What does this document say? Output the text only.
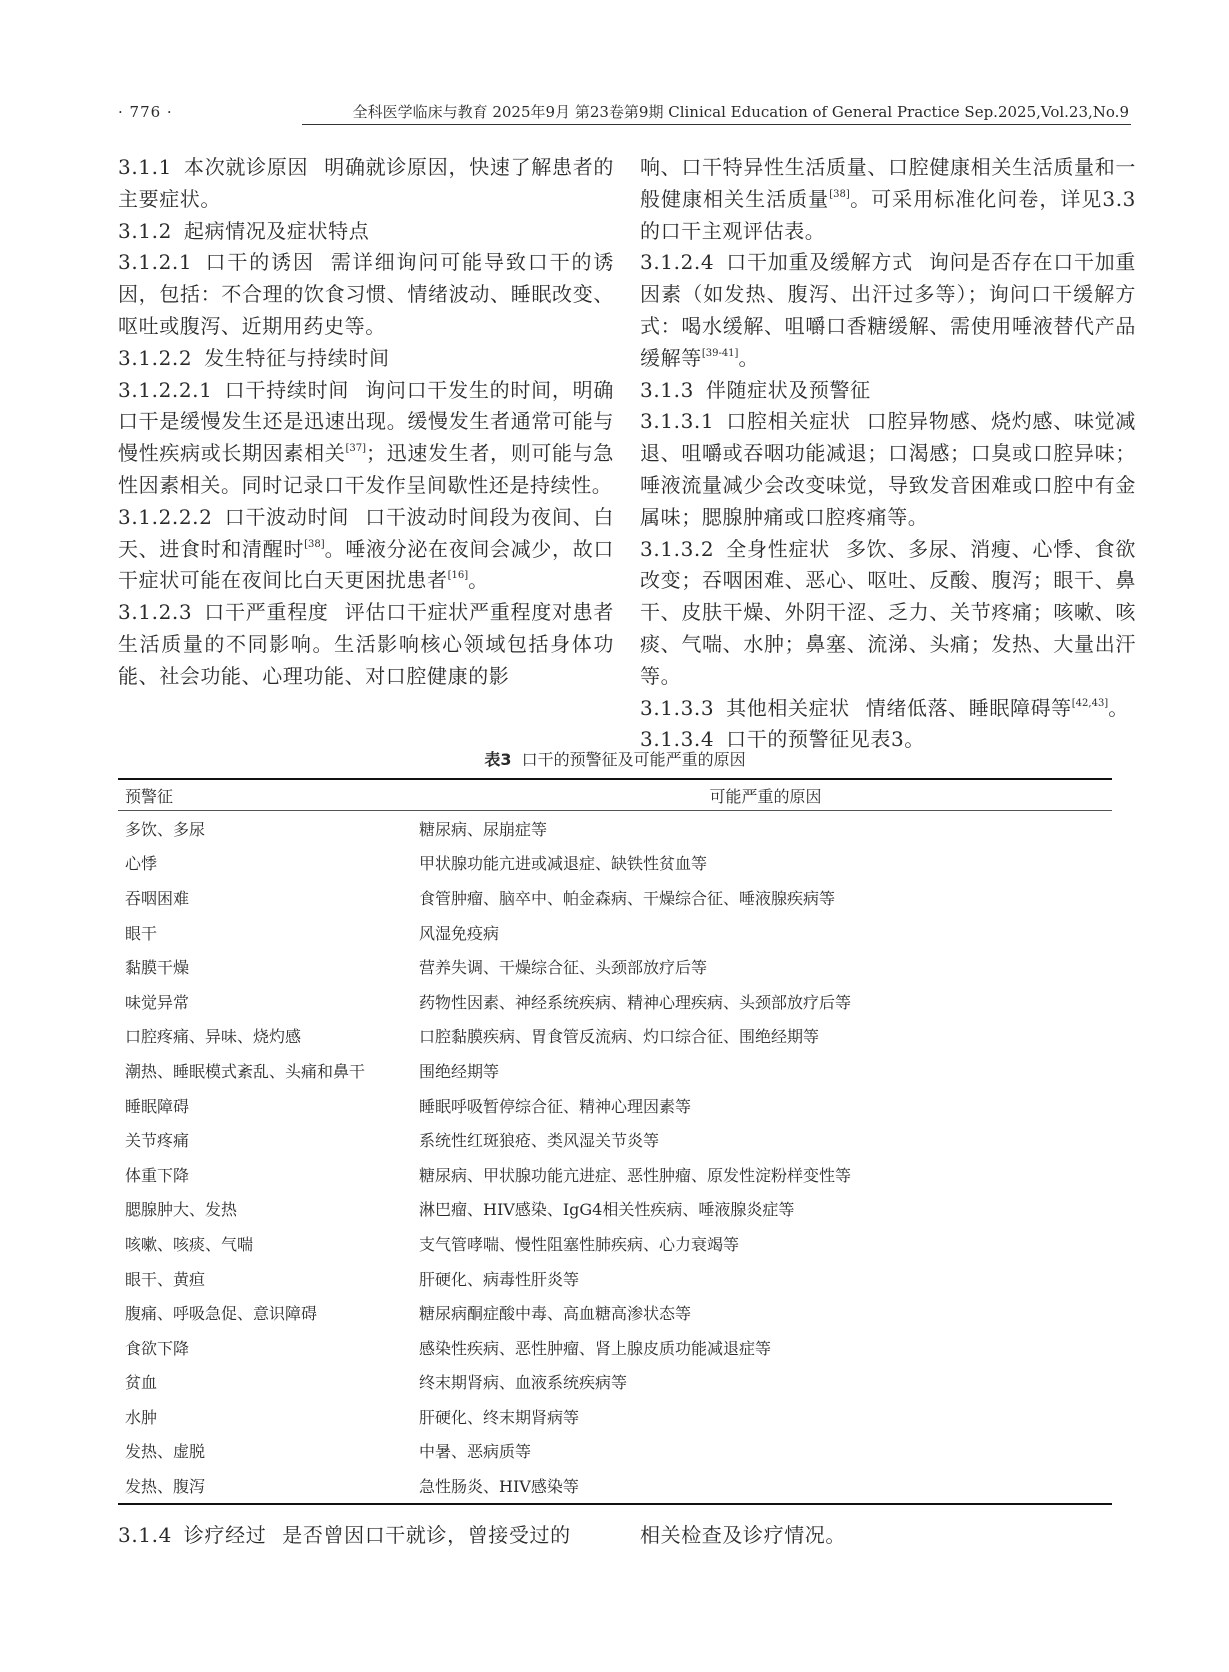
· 776 ·	全科医学临床与教育 2025年9月 第23卷第9期 Clinical Education of General Practice Sep.2025,Vol.23,No.9

3.1.1 本次就诊原因 明确就诊原因，快速了解患者的主要症状。

3.1.2 起病情况及症状特点

3.1.2.1 口干的诱因 需详细询问可能导致口干的诱因，包括：不合理的饮食习惯、情绪波动、睡眠改变、呕吐或腹泻、近期用药史等。

3.1.2.2 发生特征与持续时间

3.1.2.2.1 口干持续时间 询问口干发生的时间，明确口干是缓慢发生还是迅速出现。缓慢发生者通常可能与慢性疾病或长期因素相关[37]；迅速发生者，则可能与急性因素相关。同时记录口干发作呈间歇性还是持续性。

3.1.2.2.2 口干波动时间 口干波动时间段为夜间、白天、进食时和清醒时[38]。唾液分泌在夜间会减少，故口干症状可能在夜间比白天更困扰患者[16]。

3.1.2.3 口干严重程度 评估口干症状严重程度对患者生活质量的不同影响。生活影响核心领域包括身体功能、社会功能、心理功能、对口腔健康的影

响、口干特异性生活质量、口腔健康相关生活质量和一般健康相关生活质量[38]。可采用标准化问卷，详见3.3的口干主观评估表。

3.1.2.4 口干加重及缓解方式 询问是否存在口干加重因素（如发热、腹泻、出汗过多等）；询问口干缓解方式：喝水缓解、咀嚼口香糖缓解、需使用唾液替代产品缓解等[39-41]。

3.1.3 伴随症状及预警征

3.1.3.1 口腔相关症状 口腔异物感、烧灼感、味觉减退、咀嚼或吞咽功能减退；口渴感；口臭或口腔异味；唾液流量减少会改变味觉，导致发音困难或口腔中有金属味；腮腺肿痛或口腔疼痛等。

3.1.3.2 全身性症状 多饮、多尿、消瘦、心悸、食欲改变；吞咽困难、恶心、呕吐、反酸、腹泻；眼干、鼻干、皮肤干燥、外阴干涩、乏力、关节疼痛；咳嗽、咳痰、气喘、水肿；鼻塞、流涕、头痛；发热、大量出汗等。

3.1.3.3 其他相关症状 情绪低落、睡眠障碍等[42,43]。

3.1.3.4 口干的预警征见表3。

表3 口干的预警征及可能严重的原因
预警征	可能严重的原因
多饮、多尿	糖尿病、尿崩症等
心悸	甲状腺功能亢进或减退症、缺铁性贫血等
吞咽困难	食管肿瘤、脑卒中、帕金森病、干燥综合征、唾液腺疾病等
眼干	风湿免疫病
黏膜干燥	营养失调、干燥综合征、头颈部放疗后等
味觉异常	药物性因素、神经系统疾病、精神心理疾病、头颈部放疗后等
口腔疼痛、异味、烧灼感	口腔黏膜疾病、胃食管反流病、灼口综合征、围绝经期等
潮热、睡眠模式紊乱、头痛和鼻干	围绝经期等
睡眠障碍	睡眠呼吸暂停综合征、精神心理因素等
关节疼痛	系统性红斑狼疮、类风湿关节炎等
体重下降	糖尿病、甲状腺功能亢进症、恶性肿瘤、原发性淀粉样变性等
腮腺肿大、发热	淋巴瘤、HIV感染、IgG4相关性疾病、唾液腺炎症等
咳嗽、咳痰、气喘	支气管哮喘、慢性阻塞性肺疾病、心力衰竭等
眼干、黄疸	肝硬化、病毒性肝炎等
腹痛、呼吸急促、意识障碍	糖尿病酮症酸中毒、高血糖高渗状态等
食欲下降	感染性疾病、恶性肿瘤、肾上腺皮质功能减退症等
贫血	终末期肾病、血液系统疾病等
水肿	肝硬化、终末期肾病等
发热、虚脱	中暑、恶病质等
发热、腹泻	急性肠炎、HIV感染等
3.1.4 诊疗经过 是否曾因口干就诊，曾接受过的	相关检查及诊疗情况。
